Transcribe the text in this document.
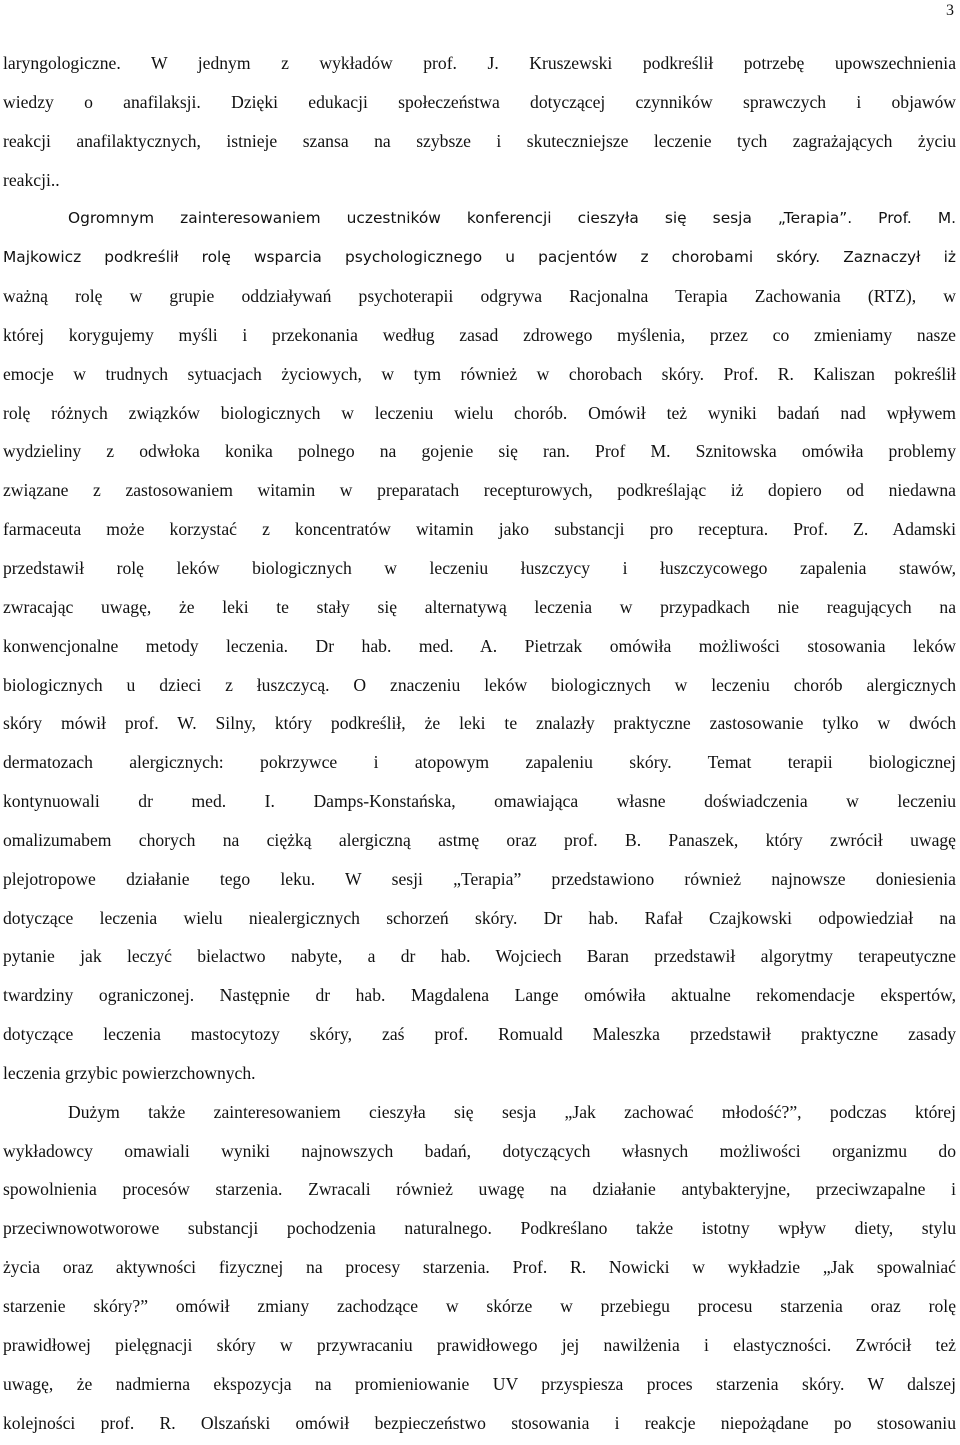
3
laryngologiczne. W jednym z wykładów prof. J. Kruszewski podkreślił potrzebę upowszechnienia
wiedzy o anafilaksji. Dzięki edukacji społeczeństwa dotyczącej czynników sprawczych i objawów
reakcji anafilaktycznych, istnieje szansa na szybsze i skuteczniejsze leczenie tych zagrażających życiu
reakcji..
Ogromnym zainteresowaniem uczestników konferencji cieszyła się sesja „Terapia”. Prof. M.
Majkowicz podkreślił rolę wsparcia psychologicznego u pacjentów z chorobami skóry. Zaznaczył iż
ważną rolę w grupie oddziaływań psychoterapii odgrywa Racjonalna Terapia Zachowania (RTZ), w
której korygujemy myśli i przekonania według zasad zdrowego myślenia, przez co zmieniamy nasze
emocje w trudnych sytuacjach życiowych, w tym również w chorobach skóry. Prof. R. Kaliszan pokreślił
rolę różnych związków biologicznych w leczeniu wielu chorób. Omówił też wyniki badań nad wpływem
wydzieliny z odwłoka konika polnego na gojenie się ran. Prof M. Sznitowska omówiła problemy
związane z zastosowaniem witamin w preparatach recepturowych, podkreślając iż dopiero od niedawna
farmaceuta może korzystać z koncentratów witamin jako substancji pro receptura. Prof. Z. Adamski
przedstawił rolę leków biologicznych w leczeniu łuszczycy i łuszczycowego zapalenia stawów,
zwracając uwagę, że leki te stały się alternatywą leczenia w przypadkach nie reagujących na
konwencjonalne metody leczenia. Dr hab. med. A. Pietrzak omówiła możliwości stosowania leków
biologicznych u dzieci z łuszczycą. O znaczeniu leków biologicznych w leczeniu chorób alergicznych
skóry mówił prof. W. Silny, który podkreślił, że leki te znalazły praktyczne zastosowanie tylko w dwóch
dermatozach alergicznych: pokrzywce i atopowym zapaleniu skóry. Temat terapii biologicznej
kontynuowali dr med. I. Damps-Konstańska, omawiająca własne doświadczenia w leczeniu
omalizumabem chorych na ciężką alergiczną astmę oraz prof. B. Panaszek, który zwrócił uwagę
plejotropowe działanie tego leku. W sesji „Terapia” przedstawiono również najnowsze doniesienia
dotyczące leczenia wielu niealergicznych schorzeń skóry. Dr hab. Rafał Czajkowski odpowiedział na
pytanie jak leczyć bielactwo nabyte, a dr hab. Wojciech Baran przedstawił algorytmy terapeutyczne
twardziny ograniczonej. Następnie dr hab. Magdalena Lange omówiła aktualne rekomendacje ekspertów,
dotyczące leczenia mastocytozy skóry, zaś prof. Romuald Maleszka przedstawił praktyczne zasady
leczenia grzybic powierzchownych.
Dużym także zainteresowaniem cieszyła się sesja „Jak zachować młodość?”, podczas której
wykładowcy omawiali wyniki najnowszych badań, dotyczących własnych możliwości organizmu do
spowolnienia procesów starzenia. Zwracali również uwagę na działanie antybakteryjne, przeciwzapalne i
przeciwnowotworowe substancji pochodzenia naturalnego. Podkreślano także istotny wpływ diety, stylu
życia oraz aktywności fizycznej na procesy starzenia. Prof. R. Nowicki w wykładzie „Jak spowalniać
starzenie skóry?” omówił zmiany zachodzące w skórze w przebiegu procesu starzenia oraz rolę
prawidłowej pielęgnacji skóry w przywracaniu prawidłowego jej nawilżenia i elastyczności. Zwrócił też
uwagę, że nadmierna ekspozycja na promieniowanie UV przyspiesza proces starzenia skóry. W dalszej
kolejności prof. R. Olszański omówił bezpieczeństwo stosowania i reakcje niepożądane po stosowaniu
